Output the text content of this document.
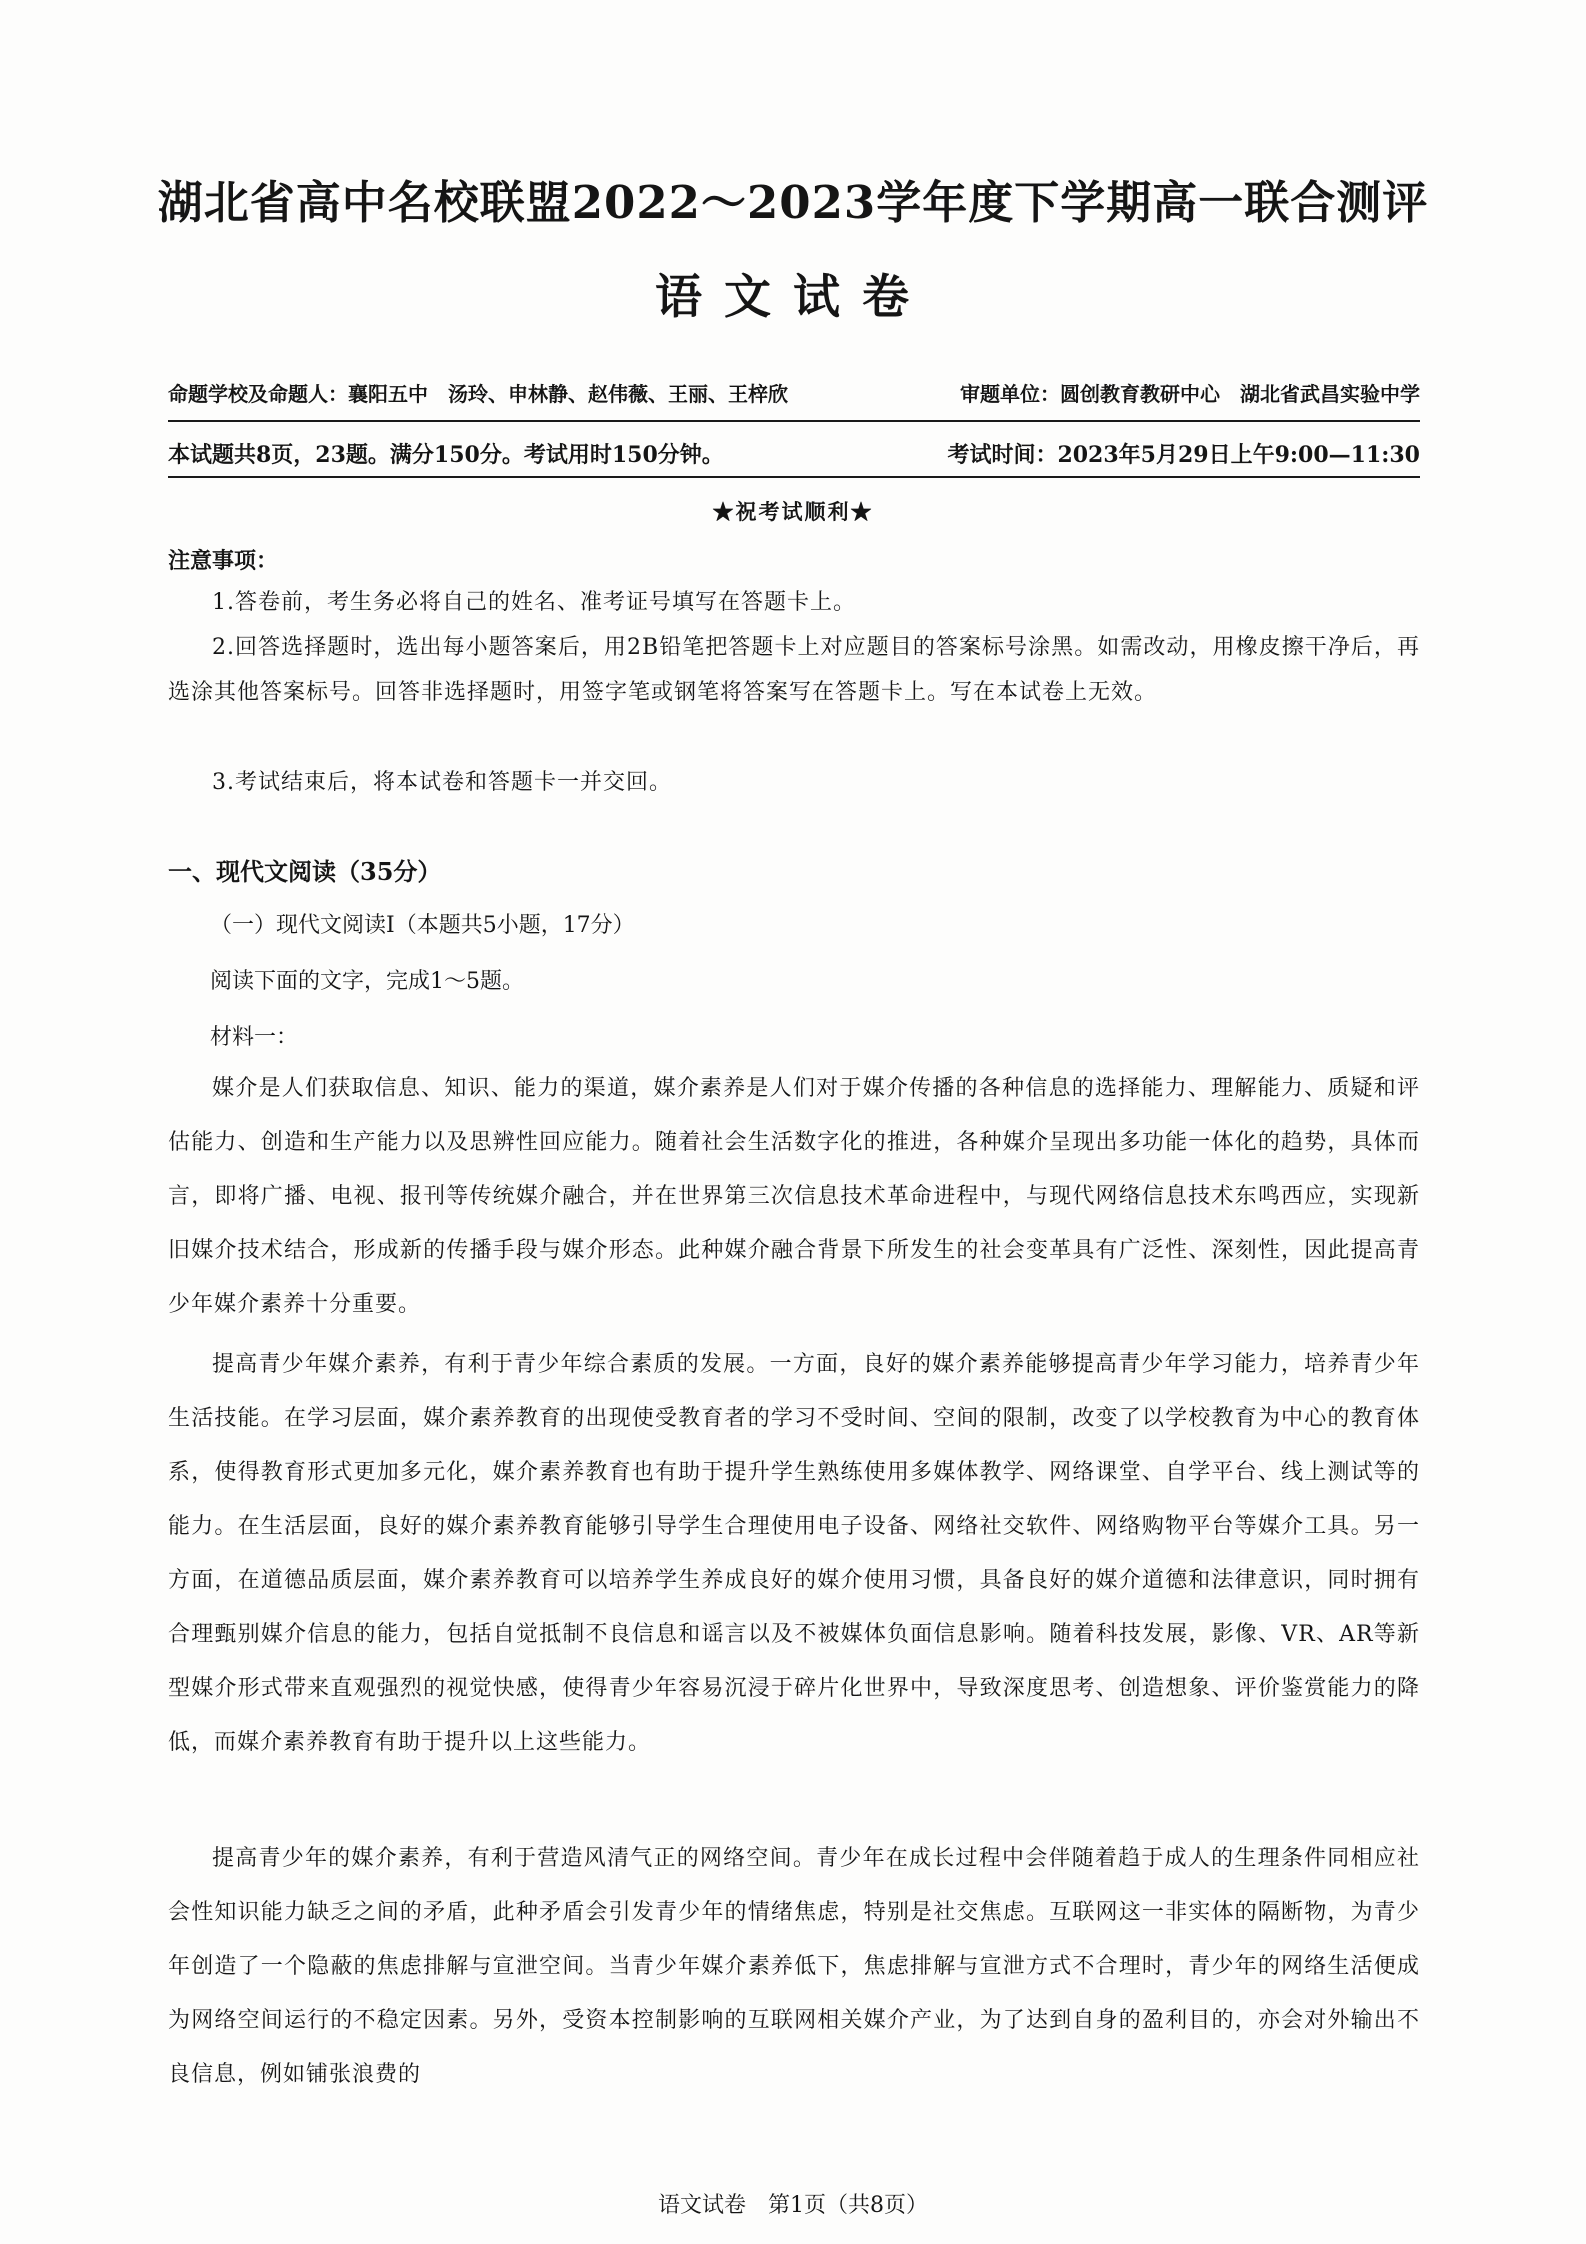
湖北省高中名校联盟2022～2023学年度下学期高一联合测评
语文试卷
命题学校及命题人：襄阳五中　汤玲、申林静、赵伟薇、王丽、王梓欣	审题单位：圆创教育教研中心　湖北省武昌实验中学
本试题共8页，23题。满分150分。考试用时150分钟。	考试时间：2023年5月29日上午9:00—11:30
★祝考试顺利★
注意事项：
1.答卷前，考生务必将自己的姓名、准考证号填写在答题卡上。
2.回答选择题时，选出每小题答案后，用2B铅笔把答题卡上对应题目的答案标号涂黑。如需改动，用橡皮擦干净后，再选涂其他答案标号。回答非选择题时，用签字笔或钢笔将答案写在答题卡上。写在本试卷上无效。
3.考试结束后，将本试卷和答题卡一并交回。
一、现代文阅读（35分）
（一）现代文阅读Ⅰ（本题共5小题，17分）
阅读下面的文字，完成1～5题。
材料一：
媒介是人们获取信息、知识、能力的渠道，媒介素养是人们对于媒介传播的各种信息的选择能力、理解能力、质疑和评估能力、创造和生产能力以及思辨性回应能力。随着社会生活数字化的推进，各种媒介呈现出多功能一体化的趋势，具体而言，即将广播、电视、报刊等传统媒介融合，并在世界第三次信息技术革命进程中，与现代网络信息技术东鸣西应，实现新旧媒介技术结合，形成新的传播手段与媒介形态。此种媒介融合背景下所发生的社会变革具有广泛性、深刻性，因此提高青少年媒介素养十分重要。
提高青少年媒介素养，有利于青少年综合素质的发展。一方面，良好的媒介素养能够提高青少年学习能力，培养青少年生活技能。在学习层面，媒介素养教育的出现使受教育者的学习不受时间、空间的限制，改变了以学校教育为中心的教育体系，使得教育形式更加多元化，媒介素养教育也有助于提升学生熟练使用多媒体教学、网络课堂、自学平台、线上测试等的能力。在生活层面，良好的媒介素养教育能够引导学生合理使用电子设备、网络社交软件、网络购物平台等媒介工具。另一方面，在道德品质层面，媒介素养教育可以培养学生养成良好的媒介使用习惯，具备良好的媒介道德和法律意识，同时拥有合理甄别媒介信息的能力，包括自觉抵制不良信息和谣言以及不被媒体负面信息影响。随着科技发展，影像、VR、AR等新型媒介形式带来直观强烈的视觉快感，使得青少年容易沉浸于碎片化世界中，导致深度思考、创造想象、评价鉴赏能力的降低，而媒介素养教育有助于提升以上这些能力。
提高青少年的媒介素养，有利于营造风清气正的网络空间。青少年在成长过程中会伴随着趋于成人的生理条件同相应社会性知识能力缺乏之间的矛盾，此种矛盾会引发青少年的情绪焦虑，特别是社交焦虑。互联网这一非实体的隔断物，为青少年创造了一个隐蔽的焦虑排解与宣泄空间。当青少年媒介素养低下，焦虑排解与宣泄方式不合理时，青少年的网络生活便成为网络空间运行的不稳定因素。另外，受资本控制影响的互联网相关媒介产业，为了达到自身的盈利目的，亦会对外输出不良信息，例如铺张浪费的
语文试卷　第1页（共8页）
